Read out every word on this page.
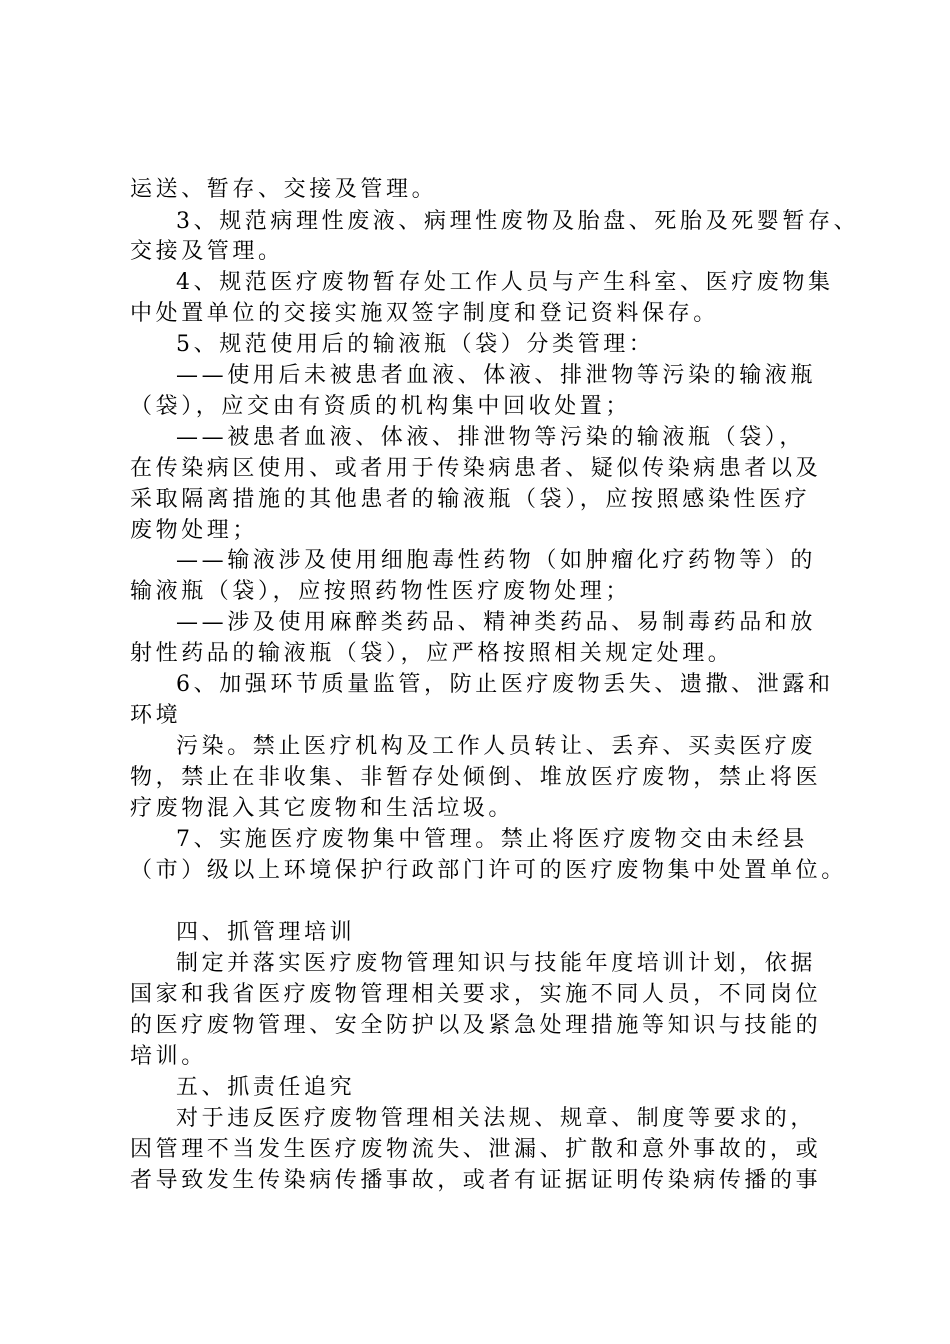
运送、暂存、交接及管理。
3、规范病理性废液、病理性废物及胎盘、死胎及死婴暂存、
交接及管理。
4、规范医疗废物暂存处工作人员与产生科室、医疗废物集
中处置单位的交接实施双签字制度和登记资料保存。
5、规范使用后的输液瓶（袋）分类管理：
——使用后未被患者血液、体液、排泄物等污染的输液瓶
（袋），应交由有资质的机构集中回收处置；
——被患者血液、体液、排泄物等污染的输液瓶（袋），
在传染病区使用、或者用于传染病患者、疑似传染病患者以及
采取隔离措施的其他患者的输液瓶（袋），应按照感染性医疗
废物处理；
——输液涉及使用细胞毒性药物（如肿瘤化疗药物等）的
输液瓶（袋），应按照药物性医疗废物处理；
——涉及使用麻醉类药品、精神类药品、易制毒药品和放
射性药品的输液瓶（袋），应严格按照相关规定处理。
6、加强环节质量监管，防止医疗废物丢失、遗撒、泄露和
环境
污染。禁止医疗机构及工作人员转让、丢弃、买卖医疗废
物，禁止在非收集、非暂存处倾倒、堆放医疗废物，禁止将医
疗废物混入其它废物和生活垃圾。
7、实施医疗废物集中管理。禁止将医疗废物交由未经县
（市）级以上环境保护行政部门许可的医疗废物集中处置单位。
四、抓管理培训
制定并落实医疗废物管理知识与技能年度培训计划，依据
国家和我省医疗废物管理相关要求，实施不同人员，不同岗位
的医疗废物管理、安全防护以及紧急处理措施等知识与技能的
培训。
五、抓责任追究
对于违反医疗废物管理相关法规、规章、制度等要求的，
因管理不当发生医疗废物流失、泄漏、扩散和意外事故的，或
者导致发生传染病传播事故，或者有证据证明传染病传播的事
